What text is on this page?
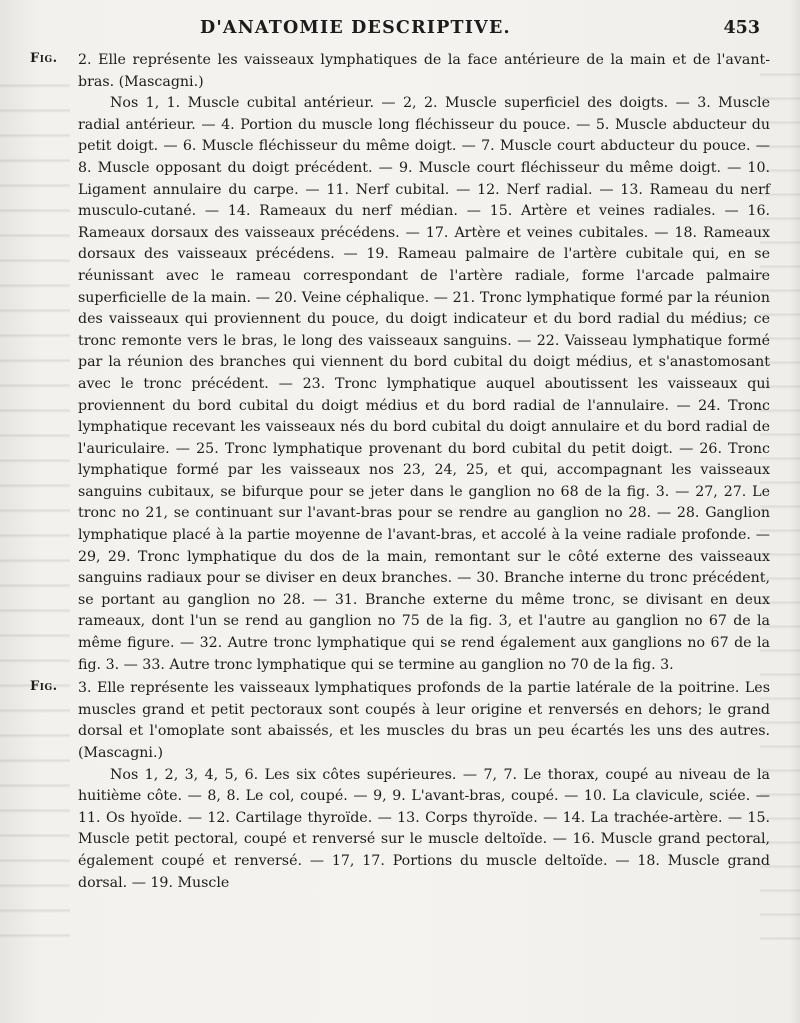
D'ANATOMIE DESCRIPTIVE.	453
Fig. 2. Elle représente les vaisseaux lymphatiques de la face antérieure de la main et de l'avant-bras. (Mascagni.)

Nos 1, 1. Muscle cubital antérieur. — 2, 2. Muscle superficiel des doigts. — 3. Muscle radial antérieur. — 4. Portion du muscle long fléchisseur du pouce. — 5. Muscle abducteur du petit doigt. — 6. Muscle fléchisseur du même doigt. — 7. Muscle court abducteur du pouce. — 8. Muscle opposant du doigt précédent. — 9. Muscle court fléchisseur du même doigt. — 10. Ligament annulaire du carpe. — 11. Nerf cubital. — 12. Nerf radial. — 13. Rameau du nerf musculo-cutané. — 14. Rameaux du nerf médian. — 15. Artère et veines radiales. — 16. Rameaux dorsaux des vaisseaux précédens. — 17. Artère et veines cubitales. — 18. Rameaux dorsaux des vaisseaux précédens. — 19. Rameau palmaire de l'artère cubitale qui, en se réunissant avec le rameau correspondant de l'artère radiale, forme l'arcade palmaire superficielle de la main. — 20. Veine céphalique. — 21. Tronc lymphatique formé par la réunion des vaisseaux qui proviennent du pouce, du doigt indicateur et du bord radial du médius; ce tronc remonte vers le bras, le long des vaisseaux sanguins. — 22. Vaisseau lymphatique formé par la réunion des branches qui viennent du bord cubital du doigt médius, et s'anastomosant avec le tronc précédent. — 23. Tronc lymphatique auquel aboutissent les vaisseaux qui proviennent du bord cubital du doigt médius et du bord radial de l'annulaire. — 24. Tronc lymphatique recevant les vaisseaux nés du bord cubital du doigt annulaire et du bord radial de l'auriculaire. — 25. Tronc lymphatique provenant du bord cubital du petit doigt. — 26. Tronc lymphatique formé par les vaisseaux nos 23, 24, 25, et qui, accompagnant les vaisseaux sanguins cubitaux, se bifurque pour se jeter dans le ganglion no 68 de la fig. 3. — 27, 27. Le tronc no 21, se continuant sur l'avant-bras pour se rendre au ganglion no 28. — 28. Ganglion lymphatique placé à la partie moyenne de l'avant-bras, et accolé à la veine radiale profonde. — 29, 29. Tronc lymphatique du dos de la main, remontant sur le côté externe des vaisseaux sanguins radiaux pour se diviser en deux branches. — 30. Branche interne du tronc précédent, se portant au ganglion no 28. — 31. Branche externe du même tronc, se divisant en deux rameaux, dont l'un se rend au ganglion no 75 de la fig. 3, et l'autre au ganglion no 67 de la même figure. — 32. Autre tronc lymphatique qui se rend également aux ganglions no 67 de la fig. 3. — 33. Autre tronc lymphatique qui se termine au ganglion no 70 de la fig. 3.

Fig. 3. Elle représente les vaisseaux lymphatiques profonds de la partie latérale de la poitrine. Les muscles grand et petit pectoraux sont coupés à leur origine et renversés en dehors; le grand dorsal et l'omoplate sont abaissés, et les muscles du bras un peu écartés les uns des autres. (Mascagni.)

Nos 1, 2, 3, 4, 5, 6. Les six côtes supérieures. — 7, 7. Le thorax, coupé au niveau de la huitième côte. — 8, 8. Le col, coupé. — 9, 9. L'avant-bras, coupé. — 10. La clavicule, sciée. — 11. Os hyoïde. — 12. Cartilage thyroïde. — 13. Corps thyroïde. — 14. La trachée-artère. — 15. Muscle petit pectoral, coupé et renversé sur le muscle deltoïde. — 16. Muscle grand pectoral, également coupé et renversé. — 17, 17. Portions du muscle deltoïde. — 18. Muscle grand dorsal. — 19. Muscle
